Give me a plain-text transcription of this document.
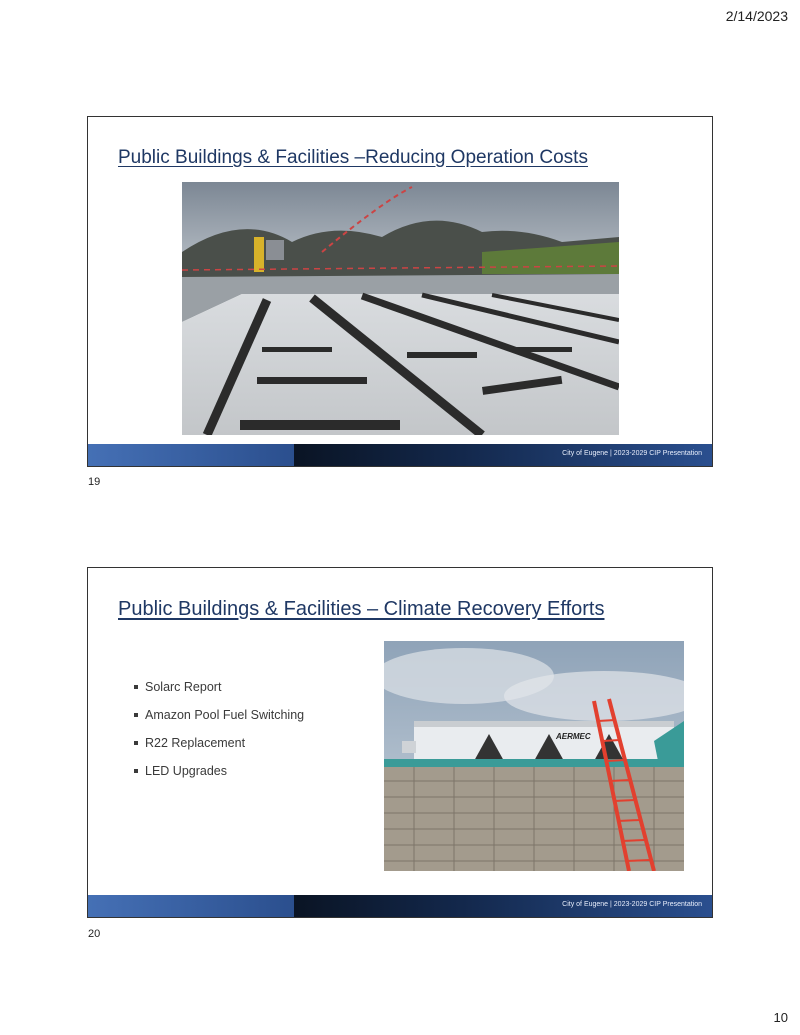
2/14/2023
Public Buildings & Facilities –Reducing Operation Costs
City of Eugene | 2023-2029 CIP Presentation
19
Public Buildings & Facilities – Climate Recovery Efforts
Solarc Report
Amazon Pool Fuel Switching
R22 Replacement
LED Upgrades
AERMEC
City of Eugene | 2023-2029 CIP Presentation
20
10
